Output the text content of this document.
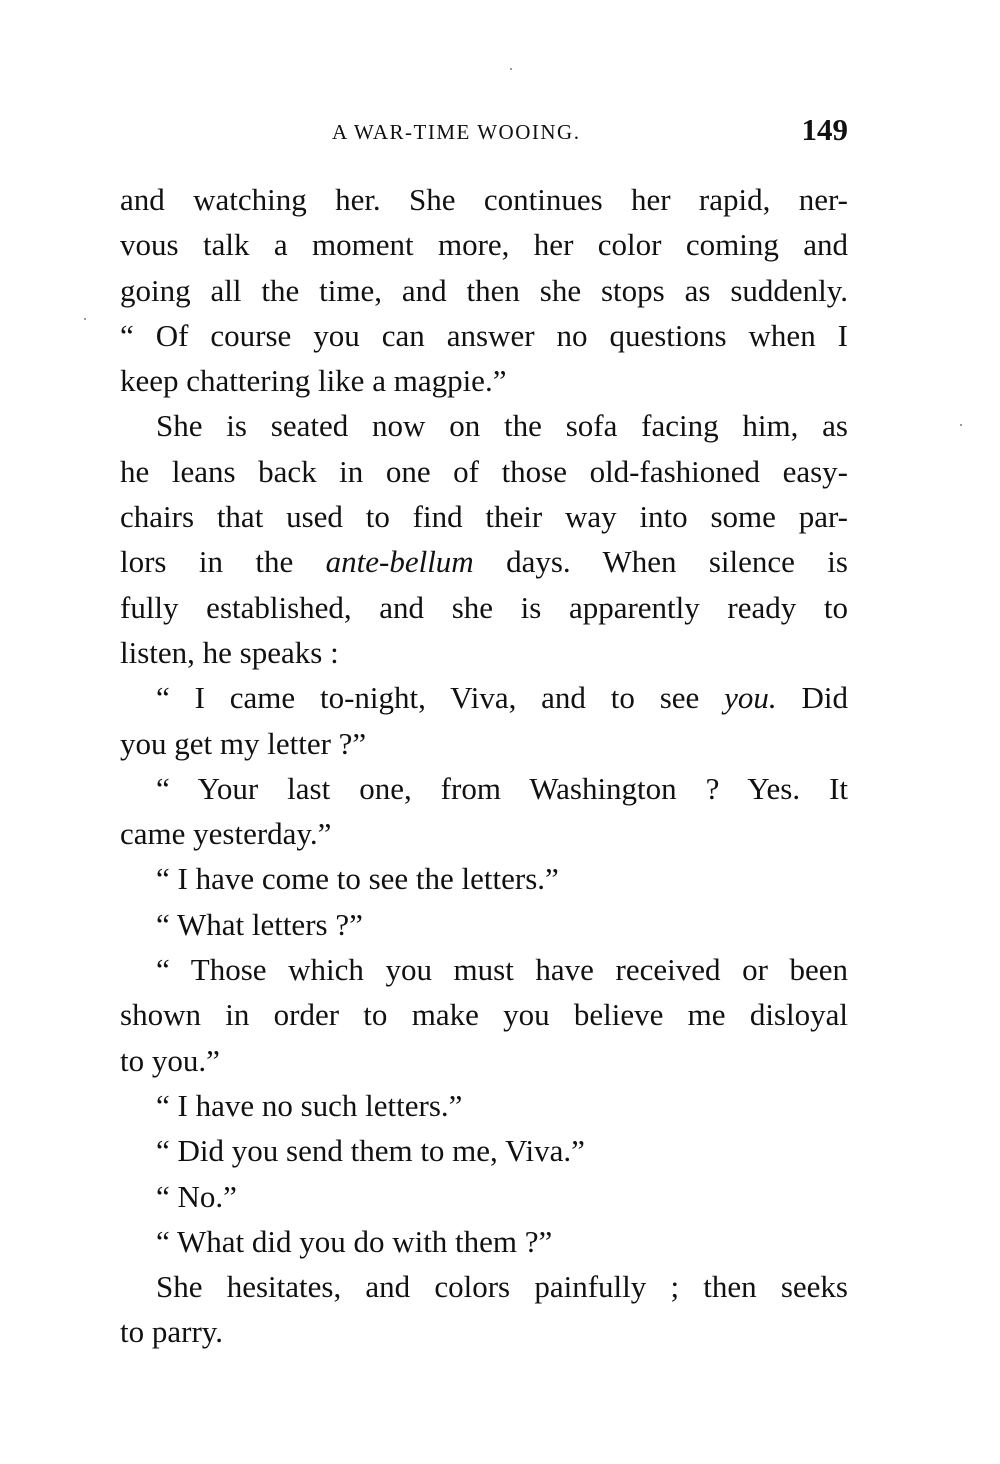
A WAR-TIME WOOING.	149
and watching her. She continues her rapid, ner-
vous talk a moment more, her color coming and
going all the time, and then she stops as suddenly.
“ Of course you can answer no questions when I
keep chattering like a magpie.”
She is seated now on the sofa facing him, as
he leans back in one of those old-fashioned easy-
chairs that used to find their way into some par-
lors in the ante-bellum days. When silence is
fully established, and she is apparently ready to
listen, he speaks :
“ I came to-night, Viva, and to see you. Did
you get my letter ?”
“ Your last one, from Washington ? Yes. It
came yesterday.”
“ I have come to see the letters.”
“ What letters ?”
“ Those which you must have received or been
shown in order to make you believe me disloyal
to you.”
“ I have no such letters.”
“ Did you send them to me, Viva.”
“ No.”
“ What did you do with them ?”
She hesitates, and colors painfully ; then seeks
to parry.
